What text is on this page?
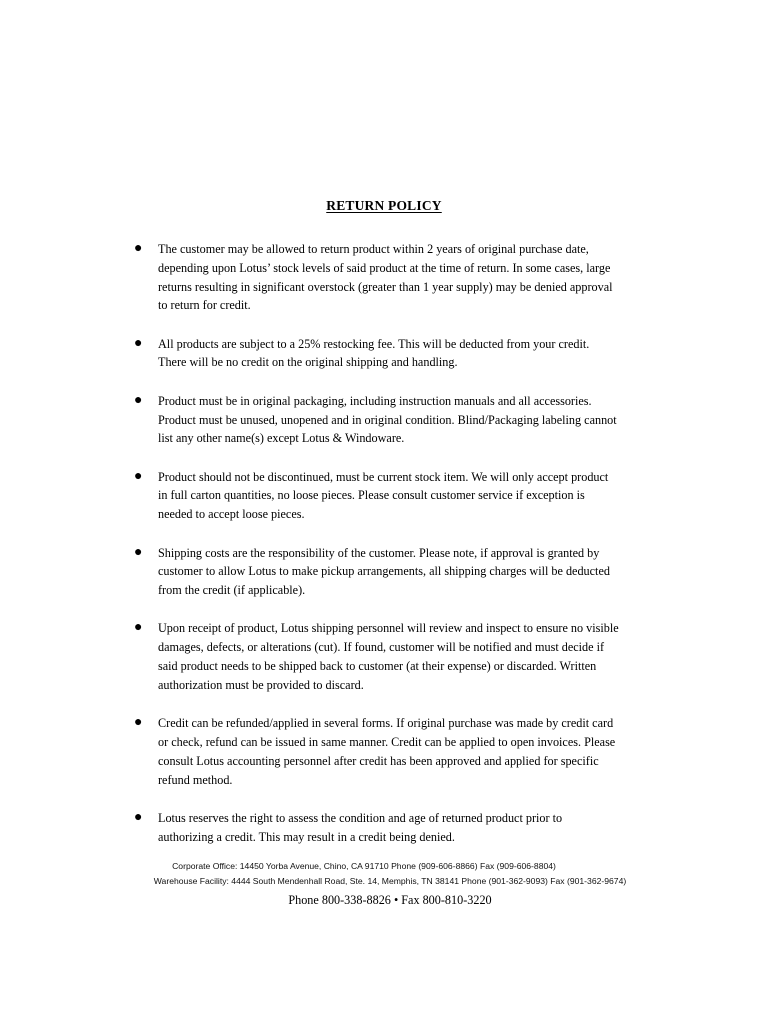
RETURN POLICY
● The customer may be allowed to return product within 2 years of original purchase date,
depending upon Lotus’ stock levels of said product at the time of return. In some cases, large
returns resulting in significant overstock (greater than 1 year supply) may be denied approval
to return for credit.
● All products are subject to a 25% restocking fee. This will be deducted from your credit.
There will be no credit on the original shipping and handling.
● Product must be in original packaging, including instruction manuals and all accessories.
Product must be unused, unopened and in original condition. Blind/Packaging labeling cannot
list any other name(s) except Lotus & Windoware.
● Product should not be discontinued, must be current stock item. We will only accept product
in full carton quantities, no loose pieces. Please consult customer service if exception is
needed to accept loose pieces.
● Shipping costs are the responsibility of the customer. Please note, if approval is granted by
customer to allow Lotus to make pickup arrangements, all shipping charges will be deducted
from the credit (if applicable).
● Upon receipt of product, Lotus shipping personnel will review and inspect to ensure no visible
damages, defects, or alterations (cut). If found, customer will be notified and must decide if
said product needs to be shipped back to customer (at their expense) or discarded. Written
authorization must be provided to discard.
● Credit can be refunded/applied in several forms. If original purchase was made by credit card
or check, refund can be issued in same manner. Credit can be applied to open invoices. Please
consult Lotus accounting personnel after credit has been approved and applied for specific
refund method.
● Lotus reserves the right to assess the condition and age of returned product prior to
authorizing a credit. This may result in a credit being denied.
Corporate Office: 14450 Yorba Avenue, Chino, CA 91710 Phone (909-606-8866) Fax (909-606-8804)
Warehouse Facility: 4444 South Mendenhall Road, Ste. 14, Memphis, TN 38141 Phone (901-362-9093) Fax (901-362-9674)
Phone 800-338-8826 • Fax 800-810-3220
